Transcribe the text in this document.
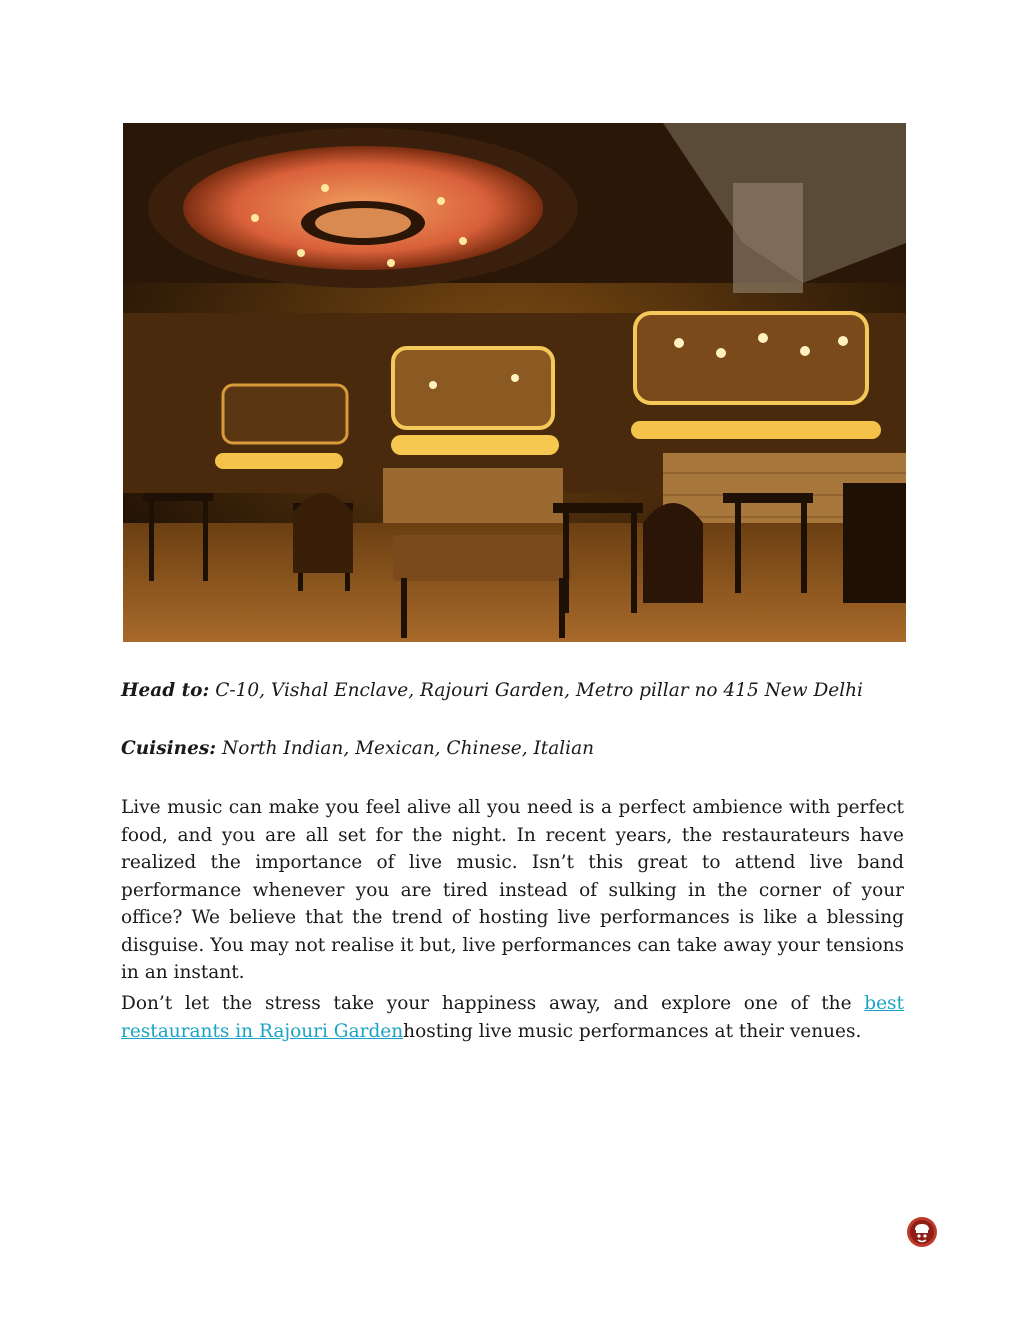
Head to: C-10, Vishal Enclave, Rajouri Garden, Metro pillar no 415 New Delhi
Cuisines: North Indian, Mexican, Chinese, Italian

Live music can make you feel alive all you need is a perfect ambience with perfect food, and you are all set for the night. In recent years, the restaurateurs have realized the importance of live music. Isn’t this great to attend live band performance whenever you are tired instead of sulking in the corner of your office? We believe that the trend of hosting live performances is like a blessing disguise. You may not realise it but, live performances can take away your tensions in an instant.

Don’t let the stress take your happiness away, and explore one of the best restaurants in Rajouri Gardenhosting live music performances at their venues.
